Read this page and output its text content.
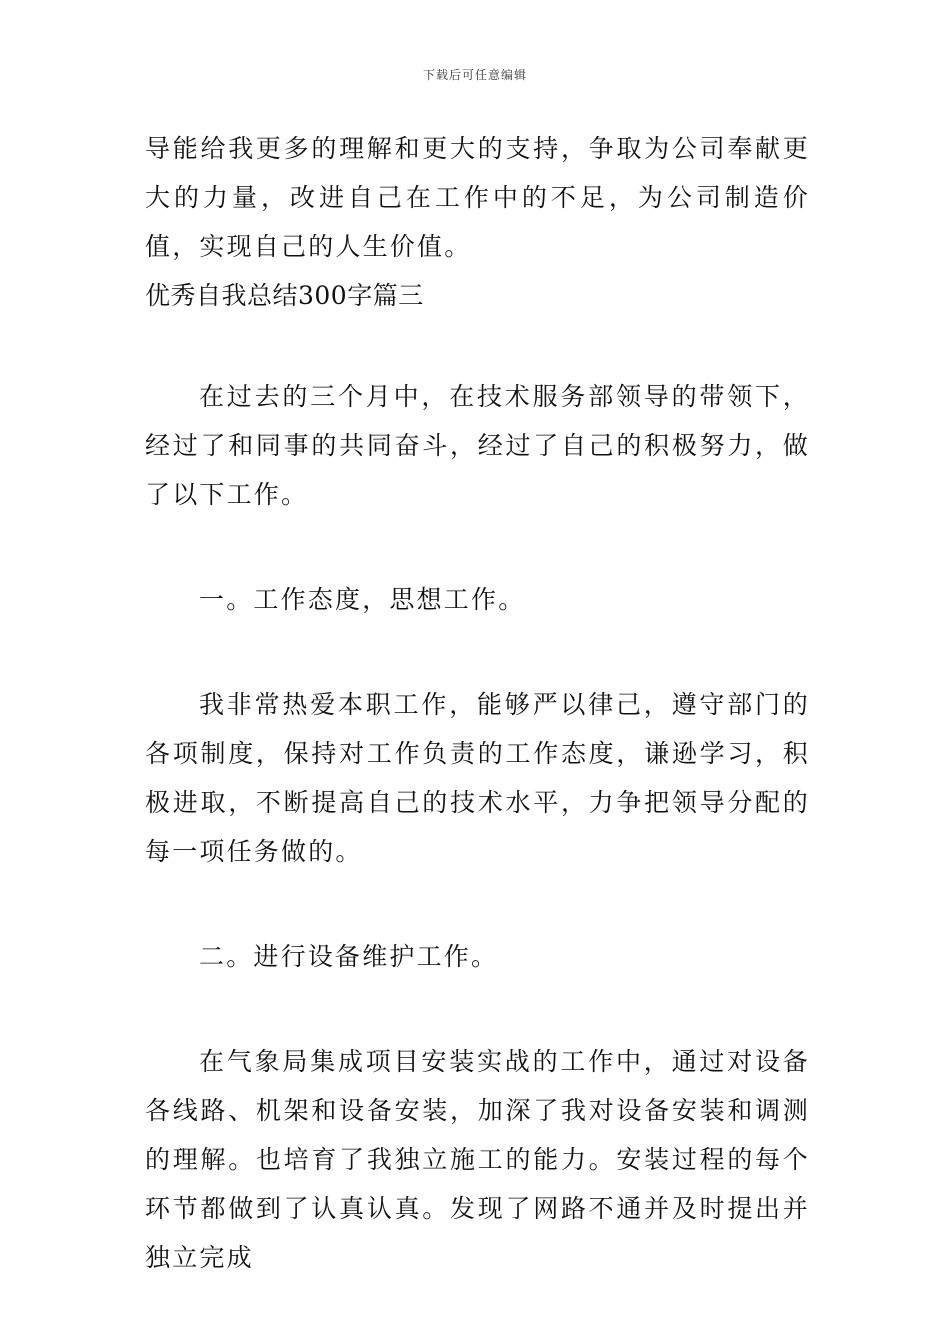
下载后可任意编辑

导能给我更多的理解和更大的支持，争取为公司奉献更大的力量，改进自己在工作中的不足，为公司制造价值，实现自己的人生价值。

优秀自我总结300字篇三

在过去的三个月中，在技术服务部领导的带领下，经过了和同事的共同奋斗，经过了自己的积极努力，做了以下工作。

一。工作态度，思想工作。

我非常热爱本职工作，能够严以律己，遵守部门的各项制度，保持对工作负责的工作态度，谦逊学习，积极进取，不断提高自己的技术水平，力争把领导分配的每一项任务做的。

二。进行设备维护工作。

在气象局集成项目安装实战的工作中，通过对设备各线路、机架和设备安装，加深了我对设备安装和调测的理解。也培育了我独立施工的能力。安装过程的每个环节都做到了认真认真。发现了网路不通并及时提出并独立完成
